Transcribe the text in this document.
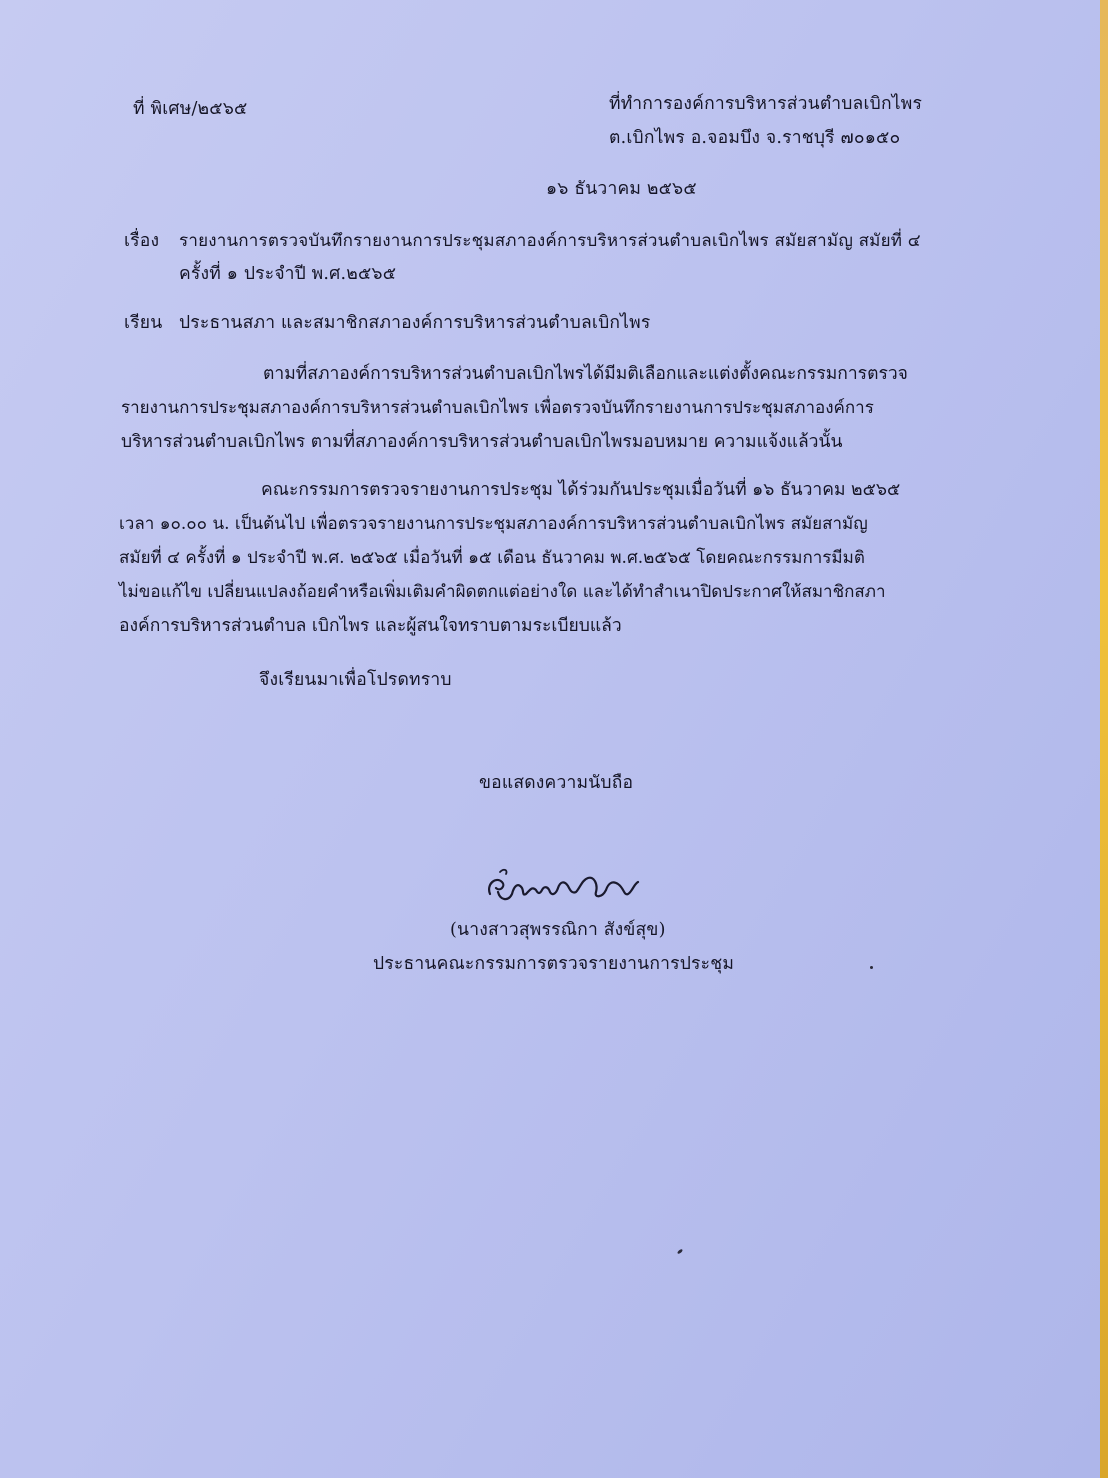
ที่ พิเศษ/๒๕๖๕	ที่ทำการองค์การบริหารส่วนตำบลเบิกไพร
ต.เบิกไพร อ.จอมบึง จ.ราชบุรี ๗๐๑๕๐
๑๖ ธันวาคม ๒๕๖๕
เรื่อง รายงานการตรวจบันทึกรายงานการประชุมสภาองค์การบริหารส่วนตำบลเบิกไพร สมัยสามัญ สมัยที่ ๔
ครั้งที่ ๑ ประจำปี พ.ศ.๒๕๖๕
เรียน ประธานสภา และสมาชิกสภาองค์การบริหารส่วนตำบลเบิกไพร
ตามที่สภาองค์การบริหารส่วนตำบลเบิกไพรได้มีมติเลือกและแต่งตั้งคณะกรรมการตรวจ
รายงานการประชุมสภาองค์การบริหารส่วนตำบลเบิกไพร เพื่อตรวจบันทึกรายงานการประชุมสภาองค์การ
บริหารส่วนตำบลเบิกไพร ตามที่สภาองค์การบริหารส่วนตำบลเบิกไพรมอบหมาย ความแจ้งแล้วนั้น
คณะกรรมการตรวจรายงานการประชุม ได้ร่วมกันประชุมเมื่อวันที่ ๑๖ ธันวาคม ๒๕๖๕
เวลา ๑๐.๐๐ น. เป็นต้นไป เพื่อตรวจรายงานการประชุมสภาองค์การบริหารส่วนตำบลเบิกไพร สมัยสามัญ
สมัยที่ ๔ ครั้งที่ ๑ ประจำปี พ.ศ. ๒๕๖๕ เมื่อวันที่ ๑๕ เดือน ธันวาคม พ.ศ.๒๕๖๕ โดยคณะกรรมการมีมติ
ไม่ขอแก้ไข เปลี่ยนแปลงถ้อยคำหรือเพิ่มเติมคำผิดตกแต่อย่างใด และได้ทำสำเนาปิดประกาศให้สมาชิกสภา
องค์การบริหารส่วนตำบล เบิกไพร และผู้สนใจทราบตามระเบียบแล้ว
จึงเรียนมาเพื่อโปรดทราบ
ขอแสดงความนับถือ
(นางสาวสุพรรณิกา สังข์สุข)
ประธานคณะกรรมการตรวจรายงานการประชุม
